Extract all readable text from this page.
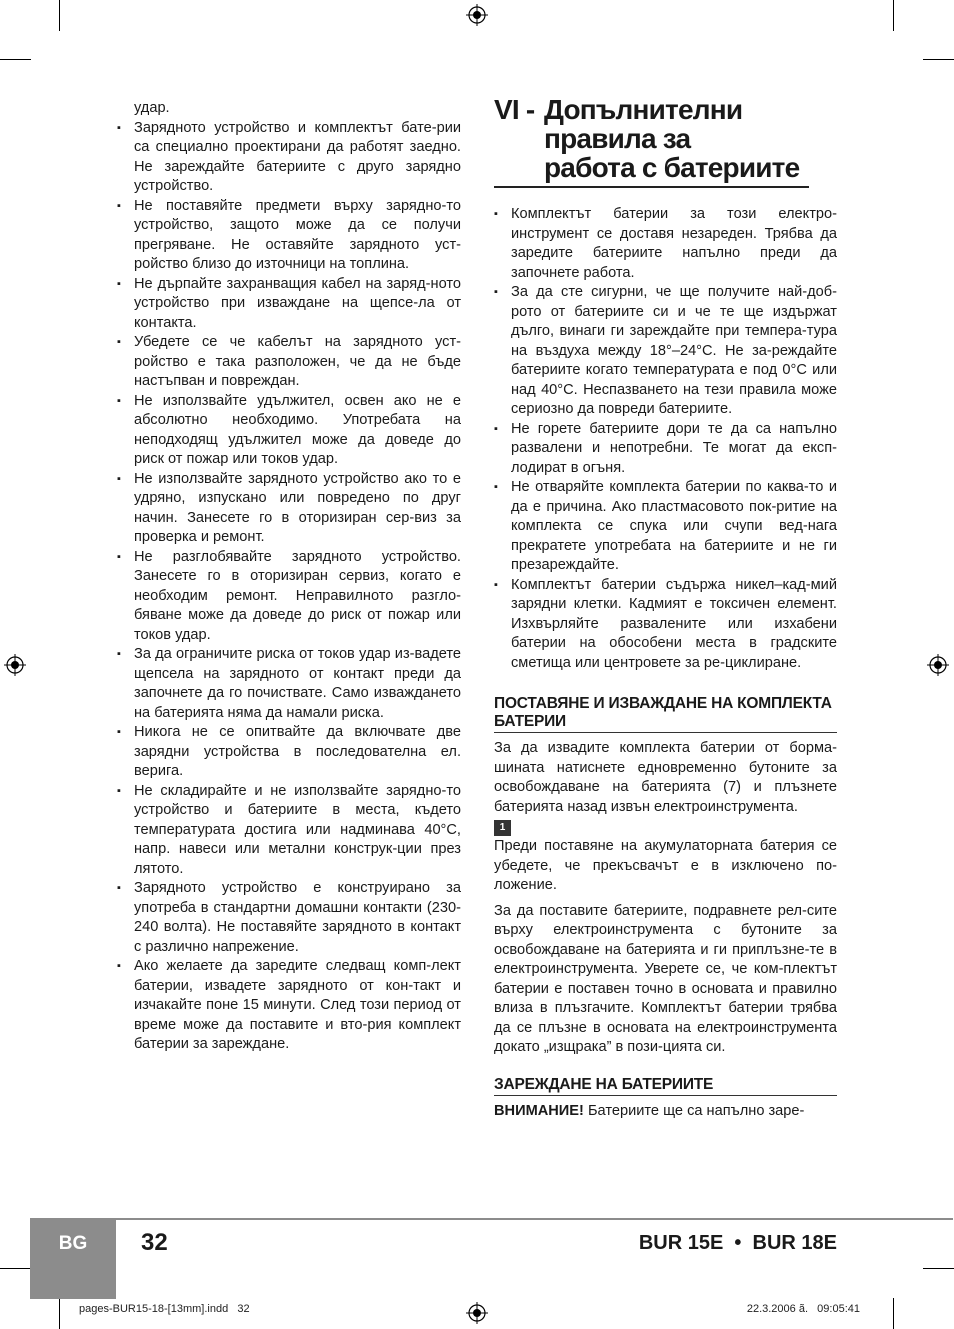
удар.
▪ Зарядното устройство и комплектът бате-рии са специално проектирани да работят заедно. Не зареждайте батериите с друго зарядно устройство.
▪ Не поставяйте предмети върху зарядно-то устройство, защото може да се получи прегряване. Не оставяйте зарядното уст-ройство близо до източници на топлина.
▪ Не дърпайте захранващия кабел на заряд-ното устройство при изваждане на щепсе-ла от контакта.
▪ Убедете се че кабелът на зарядното уст-ройство е така разположен, че да не бъде настъпван и повреждан.
▪ Не използвайте удължител, освен ако не е абсолютно необходимо. Употребата на неподходящ удължител може да доведе до риск от пожар или токов удар.
▪ Не използвайте зарядното устройство ако то е удряно, изпускано или повредено по друг начин. Занесете го в оторизиран сер-виз за проверка и ремонт.
▪ Не разглобявайте зарядното устройство. Занесете го в оторизиран сервиз, когато е необходим ремонт. Неправилното разгло-бяване може да доведе до риск от пожар или токов удар.
▪ За да ограничите риска от токов удар из-вадете щепсела на зарядното от контакт преди да започнете да го почиствате. Само изваждането на батерията няма да намали риска.
▪ Никога не се опитвайте да включвате две зарядни устройства в последователна ел. верига.
▪ Не складирайте и не използвайте зарядно-то устройство и батериите в места, където температурата достига или надминава 40°C, напр. навеси или метални конструк-ции през лятото.
▪ Зарядното устройство е конструирано за употреба в стандартни домашни контакти (230-240 волта). Не поставяйте зарядното в контакт с различно напрежение.
▪ Ако желаете да заредите следващ комп-лект батерии, извадете зарядното от кон-такт и изчакайте поне 15 минути. След този период от време може да поставите и вто-рия комплект батерии за зареждане.
VI - Допълнителни
правила за
работа с батериите
▪ Комплектът батерии за този електро-инструмент се доставя незареден. Трябва да заредите батериите напълно преди да започнете работа.
▪ За да сте сигурни, че ще получите най-доб-рото от батериите си и че те ще издържат дълго, винаги ги зареждайте при темпера-тура на въздуха между 18°–24°C. Не за-реждайте батериите когато температурата е под 0°C или над 40°C. Неспазването на тези правила може сериозно да повреди батериите.
▪ Не горете батериите дори те да са напълно развалени и непотребни. Те могат да експ-лодират в огъня.
▪ Не отваряйте комплекта батерии по каква-то и да е причина. Ако пластмасовото пок-ритие на комплекта се спука или счупи вед-нага прекратете употребата на батериите и не ги презареждайте.
▪ Комплектът батерии съдържа никел–кад-мий зарядни клетки. Кадмият е токсичен елемент. Изхвърляйте развалените или изхабени батерии на обособени места в градските сметища или центровете за ре-циклиране.
ПОСТАВЯНЕ И ИЗВАЖДАНЕ НА КОМПЛЕКТА БАТЕРИИ
За да извадите комплекта батерии от борма-шината натиснете едновременно бутоните за освобождаване на батерията (7) и плъзнете батерията назад извън електроинструмента.
1
Преди поставяне на акумулаторната батерия се убедете, че прекъсвачът е в изключено по-ложение.
За да поставите батериите, подравнете рел-сите върху електроинструмента с бутоните за освобождаване на батерията и ги приплъзне-те в електроинструмента. Уверете се, че ком-плектът батерии е поставен точно в основата и правилно влиза в плъзгачите. Комплектът батерии трябва да се плъзне в основата на електроинструмента докато „изщрака” в пози-цията си.
ЗАРЕЖДАНЕ НА БАТЕРИИТЕ
ВНИМАНИЕ! Батериите ще са напълно заре-
BG	32	BUR 15E  •  BUR 18E
pages-BUR15-18-[13mm].indd   32	22.3.2006 ã.   09:05:41
